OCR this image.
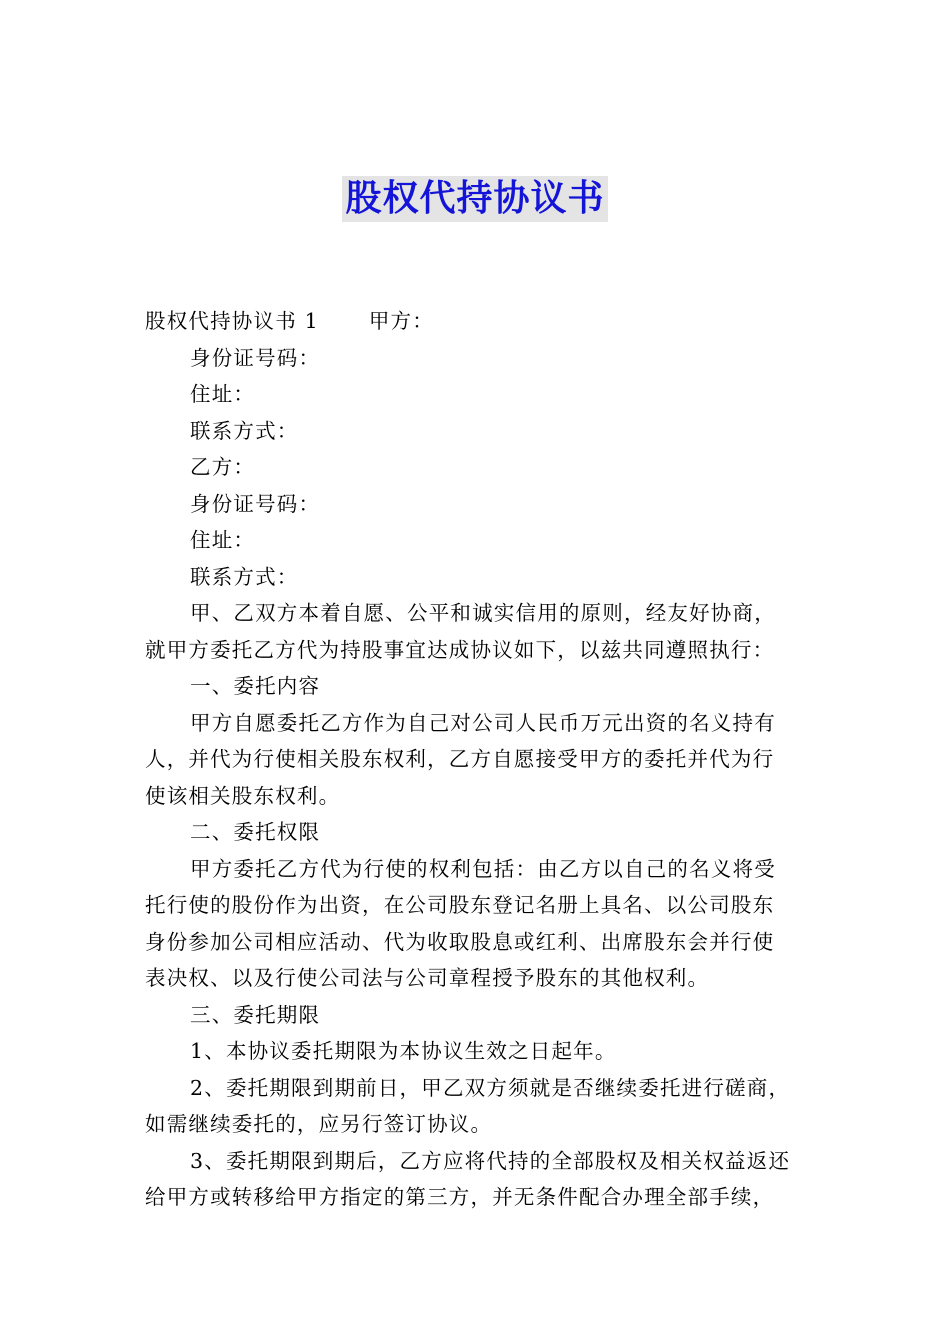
股权代持协议书
股权代持协议书 1 甲方：
身份证号码：
住址：
联系方式：
乙方：
身份证号码：
住址：
联系方式：
甲、乙双方本着自愿、公平和诚实信用的原则，经友好协商，
就甲方委托乙方代为持股事宜达成协议如下，以兹共同遵照执行：
一、委托内容
甲方自愿委托乙方作为自己对公司人民币万元出资的名义持有
人，并代为行使相关股东权利，乙方自愿接受甲方的委托并代为行
使该相关股东权利。
二、委托权限
甲方委托乙方代为行使的权利包括：由乙方以自己的名义将受
托行使的股份作为出资，在公司股东登记名册上具名、以公司股东
身份参加公司相应活动、代为收取股息或红利、出席股东会并行使
表决权、以及行使公司法与公司章程授予股东的其他权利。
三、委托期限
1、本协议委托期限为本协议生效之日起年。
2、委托期限到期前日，甲乙双方须就是否继续委托进行磋商，
如需继续委托的，应另行签订协议。
3、委托期限到期后，乙方应将代持的全部股权及相关权益返还
给甲方或转移给甲方指定的第三方，并无条件配合办理全部手续，
